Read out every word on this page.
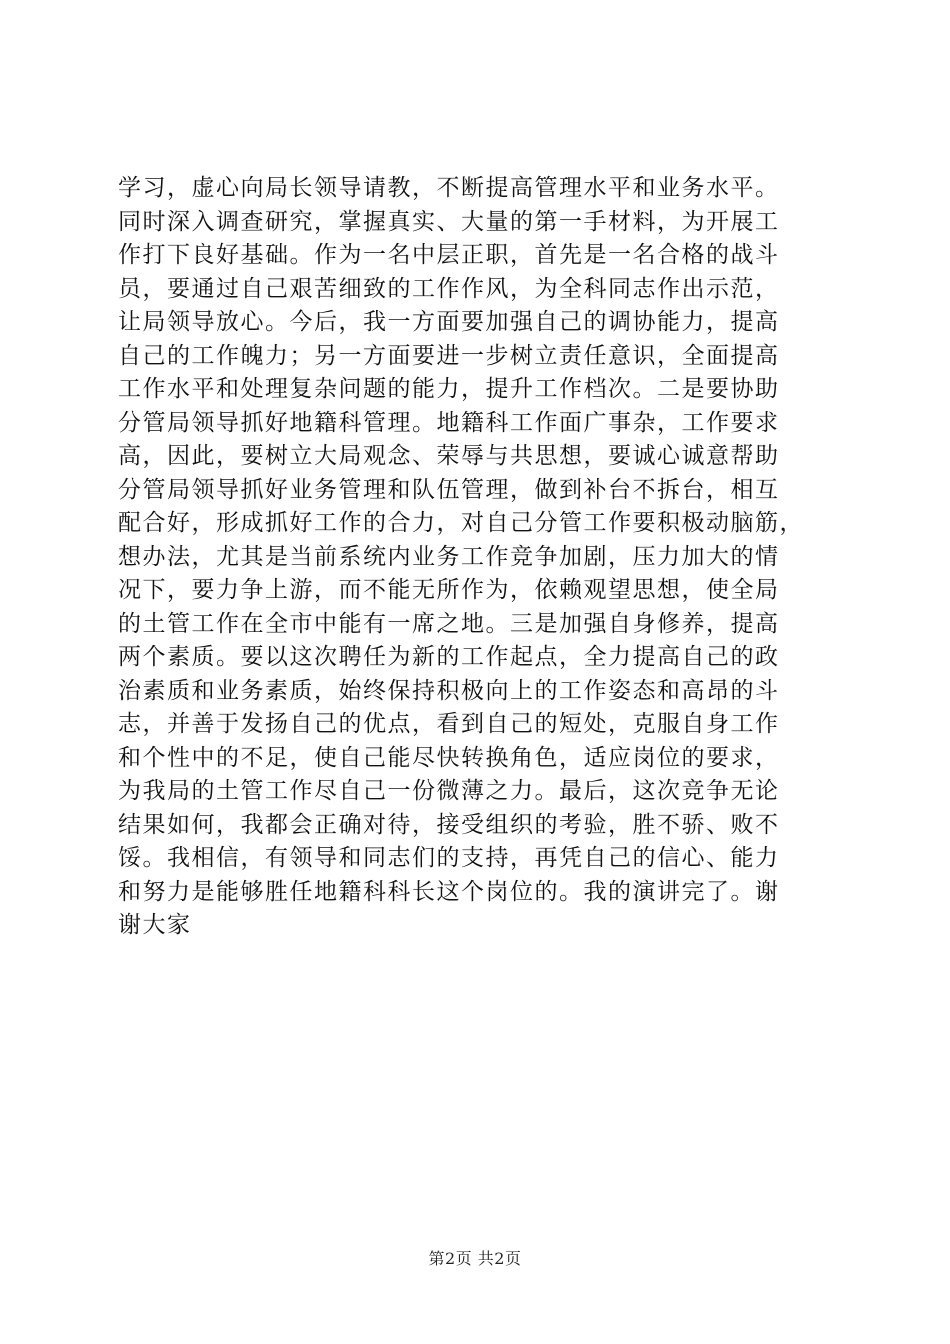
学习，虚心向局长领导请教，不断提高管理水平和业务水平。
同时深入调查研究，掌握真实、大量的第一手材料，为开展工
作打下良好基础。作为一名中层正职，首先是一名合格的战斗
员，要通过自己艰苦细致的工作作风，为全科同志作出示范，
让局领导放心。今后，我一方面要加强自己的调协能力，提高
自己的工作魄力；另一方面要进一步树立责任意识，全面提高
工作水平和处理复杂问题的能力，提升工作档次。二是要协助
分管局领导抓好地籍科管理。地籍科工作面广事杂，工作要求
高，因此，要树立大局观念、荣辱与共思想，要诚心诚意帮助
分管局领导抓好业务管理和队伍管理，做到补台不拆台，相互
配合好，形成抓好工作的合力，对自己分管工作要积极动脑筋，
想办法，尤其是当前系统内业务工作竞争加剧，压力加大的情
况下，要力争上游，而不能无所作为，依赖观望思想，使全局
的土管工作在全市中能有一席之地。三是加强自身修养，提高
两个素质。要以这次聘任为新的工作起点，全力提高自己的政
治素质和业务素质，始终保持积极向上的工作姿态和高昂的斗
志，并善于发扬自己的优点，看到自己的短处，克服自身工作
和个性中的不足，使自己能尽快转换角色，适应岗位的要求，
为我局的土管工作尽自己一份微薄之力。最后，这次竞争无论
结果如何，我都会正确对待，接受组织的考验，胜不骄、败不
馁。我相信，有领导和同志们的支持，再凭自己的信心、能力
和努力是能够胜任地籍科科长这个岗位的。我的演讲完了。谢
谢大家
第2页 共2页
